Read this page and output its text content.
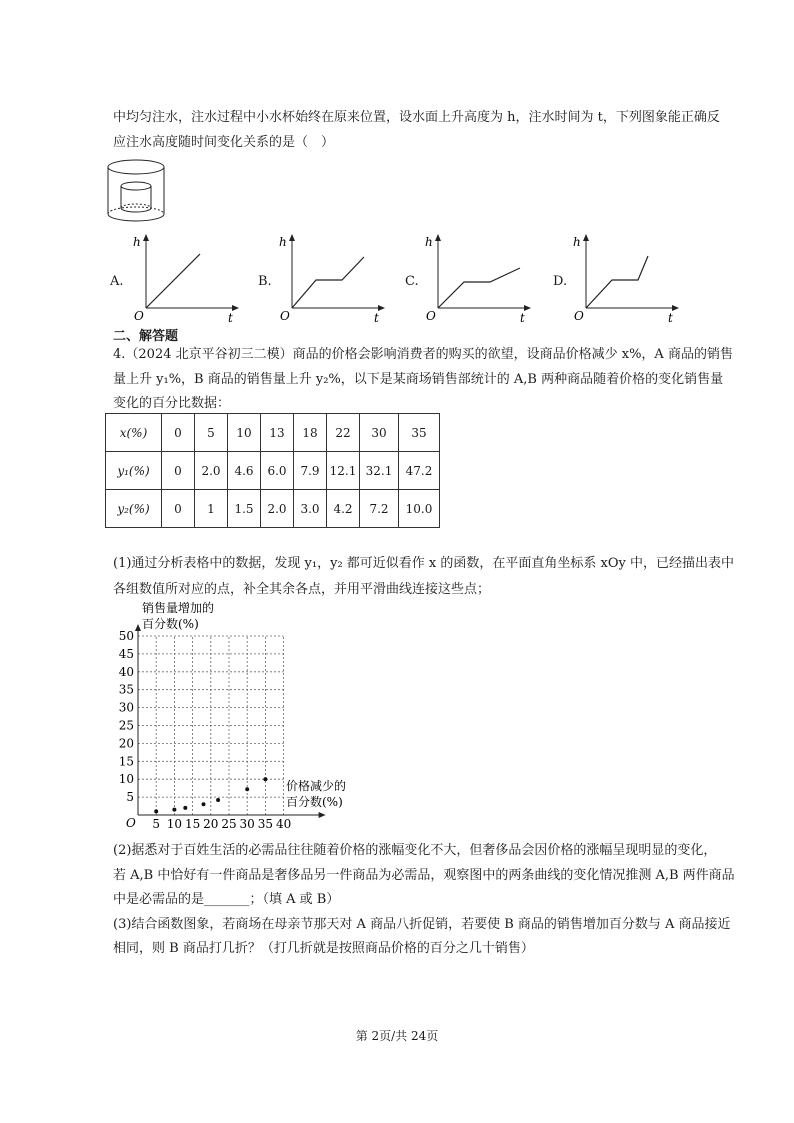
中均匀注水，注水过程中小水杯始终在原来位置，设水面上升高度为 h，注水时间为 t，下列图象能正确反
应注水高度随时间变化关系的是（　）
A.
h
O	t
B.
h
O	t
C.
h
O	t
D.
h
O	t
二、解答题
4.（2024 北京平谷初三二模）商品的价格会影响消费者的购买的欲望，设商品价格减少 x%，A 商品的销售
量上升 y₁%，B 商品的销售量上升 y₂%，以下是某商场销售部统计的 A,B 两种商品随着价格的变化销售量
变化的百分比数据：
x(%)	0	5	10	13	18	22	30	35
y₁(%)	0	2.0	4.6	6.0	7.9	12.1	32.1	47.2
y₂(%)	0	1	1.5	2.0	3.0	4.2	7.2	10.0
(1)通过分析表格中的数据，发现 y₁，y₂ 都可近似看作 x 的函数，在平面直角坐标系 xOy 中，已经描出表中
各组数值所对应的点，补全其余各点，并用平滑曲线连接这些点；
销售量增加的
百分数(%)
价格减少的
百分数(%)
O 5 10 15 20 25 30 35 40
5
10
15
20
25
30
35
40
45
50
(2)据悉对于百姓生活的必需品往往随着价格的涨幅变化不大，但奢侈品会因价格的涨幅呈现明显的变化，
若 A,B 中恰好有一件商品是奢侈品另一件商品为必需品，观察图中的两条曲线的变化情况推测 A,B 两件商品
中是必需品的是_______；（填 A 或 B）
(3)结合函数图象，若商场在母亲节那天对 A 商品八折促销，若要使 B 商品的销售增加百分数与 A 商品接近
相同，则 B 商品打几折？（打几折就是按照商品价格的百分之几十销售）
第 2页/共 24页
